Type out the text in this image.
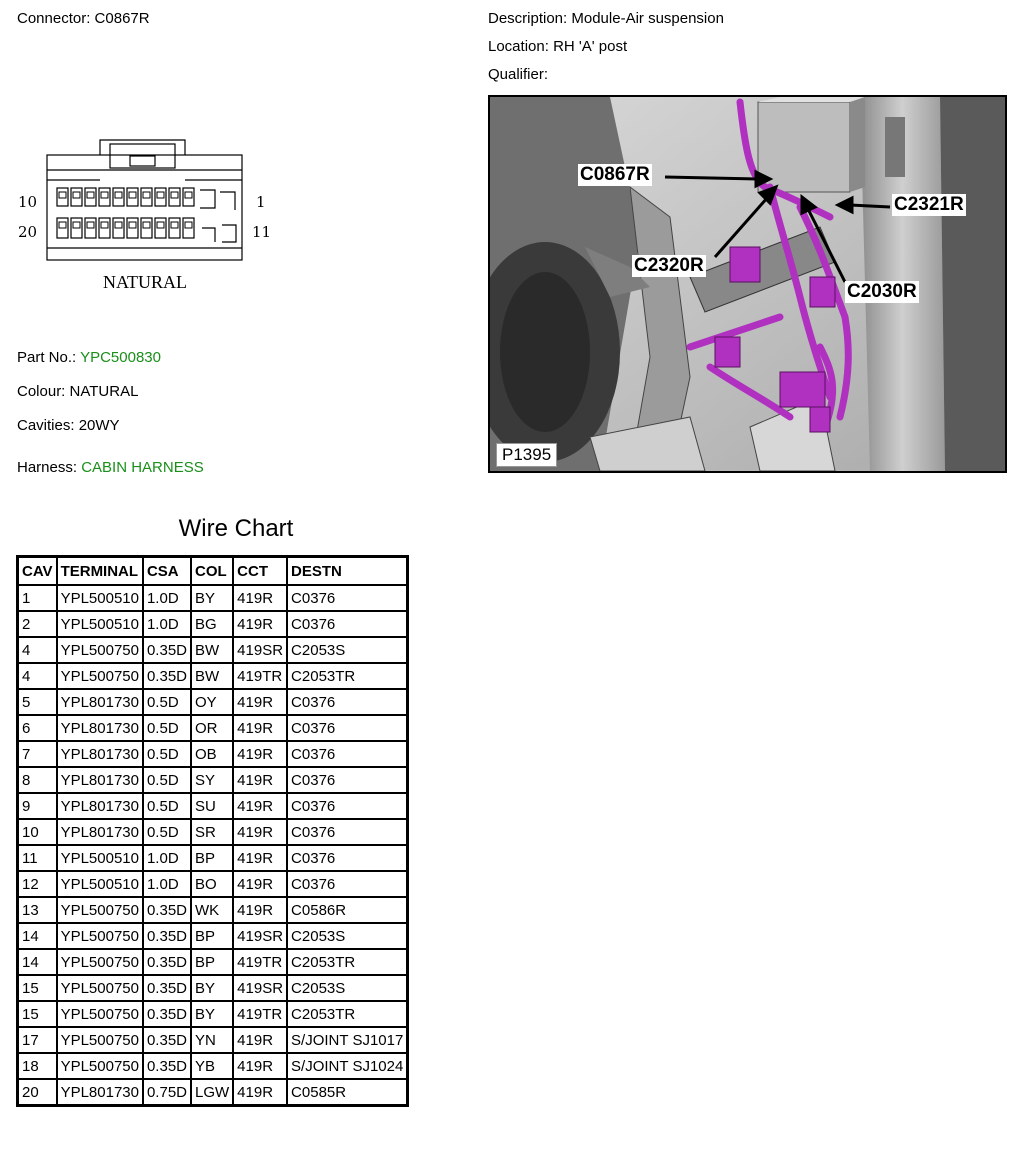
Connector: C0867R	Description: Module-Air suspension
Location: RH 'A' post
Qualifier:
10	1
20	11
NATURAL
C0867R
C2321R
C2320R
C2030R
P1395
Part No.: YPC500830
Colour: NATURAL
Cavities: 20WY
Harness: CABIN HARNESS
Wire Chart
CAV	TERMINAL	CSA	COL	CCT	DESTN
1	YPL500510	1.0D	BY	419R	C0376
2	YPL500510	1.0D	BG	419R	C0376
4	YPL500750	0.35D	BW	419SR	C2053S
4	YPL500750	0.35D	BW	419TR	C2053TR
5	YPL801730	0.5D	OY	419R	C0376
6	YPL801730	0.5D	OR	419R	C0376
7	YPL801730	0.5D	OB	419R	C0376
8	YPL801730	0.5D	SY	419R	C0376
9	YPL801730	0.5D	SU	419R	C0376
10	YPL801730	0.5D	SR	419R	C0376
11	YPL500510	1.0D	BP	419R	C0376
12	YPL500510	1.0D	BO	419R	C0376
13	YPL500750	0.35D	WK	419R	C0586R
14	YPL500750	0.35D	BP	419SR	C2053S
14	YPL500750	0.35D	BP	419TR	C2053TR
15	YPL500750	0.35D	BY	419SR	C2053S
15	YPL500750	0.35D	BY	419TR	C2053TR
17	YPL500750	0.35D	YN	419R	S/JOINT SJ1017
18	YPL500750	0.35D	YB	419R	S/JOINT SJ1024
20	YPL801730	0.75D	LGW	419R	C0585R
